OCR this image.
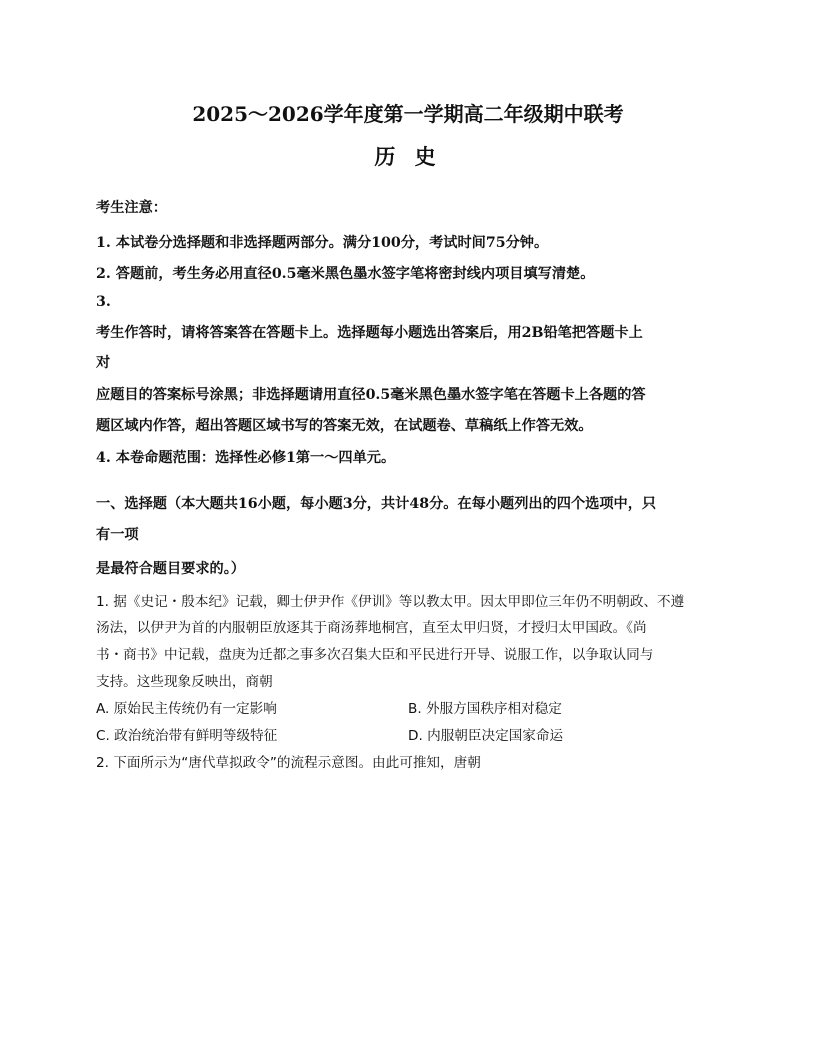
2025～2026学年度第一学期高二年级期中联考
历 史
考生注意：
1. 本试卷分选择题和非选择题两部分。满分100分，考试时间75分钟。
2. 答题前，考生务必用直径0.5毫米黑色墨水签字笔将密封线内项目填写清楚。
3.
考生作答时，请将答案答在答题卡上。选择题每小题选出答案后，用2B铅笔把答题卡上
对
应题目的答案标号涂黑；非选择题请用直径0.5毫米黑色墨水签字笔在答题卡上各题的答
题区域内作答，超出答题区域书写的答案无效，在试题卷、草稿纸上作答无效。
4. 本卷命题范围：选择性必修1第一～四单元。
一、选择题（本大题共16小题，每小题3分，共计48分。在每小题列出的四个选项中，只
有一项
是最符合题目要求的。）
1. 据《史记・殷本纪》记载，卿士伊尹作《伊训》等以教太甲。因太甲即位三年仍不明朝政、不遵
汤法，以伊尹为首的内服朝臣放逐其于商汤葬地桐宫，直至太甲归贤，才授归太甲国政。《尚
书・商书》中记载，盘庚为迁都之事多次召集大臣和平民进行开导、说服工作，以争取认同与
支持。这些现象反映出，商朝
A. 原始民主传统仍有一定影响	B. 外服方国秩序相对稳定
C. 政治统治带有鲜明等级特征	D. 内服朝臣决定国家命运
2. 下面所示为“唐代草拟政令”的流程示意图。由此可推知，唐朝
